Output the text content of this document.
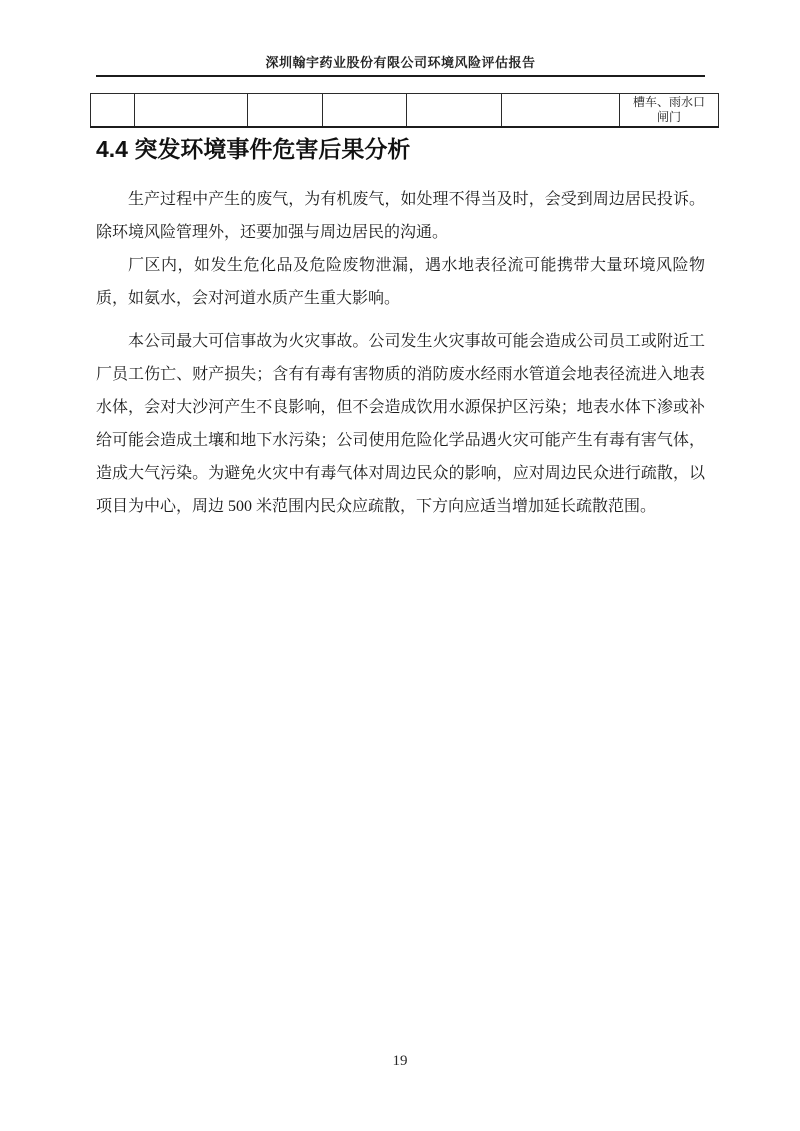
深圳翰宇药业股份有限公司环境风险评估报告

槽车、雨水口
闸门
4.4 突发环境事件危害后果分析

生产过程中产生的废气，为有机废气，如处理不得当及时，会受到周边居民投诉。除环境风险管理外，还要加强与周边居民的沟通。

厂区内，如发生危化品及危险废物泄漏，遇水地表径流可能携带大量环境风险物质，如氨水，会对河道水质产生重大影响。

本公司最大可信事故为火灾事故。公司发生火灾事故可能会造成公司员工或附近工厂员工伤亡、财产损失；含有有毒有害物质的消防废水经雨水管道会地表径流进入地表水体，会对大沙河产生不良影响，但不会造成饮用水源保护区污染；地表水体下渗或补给可能会造成土壤和地下水污染；公司使用危险化学品遇火灾可能产生有毒有害气体，造成大气污染。为避免火灾中有毒气体对周边民众的影响，应对周边民众进行疏散，以项目为中心，周边 500 米范围内民众应疏散，下方向应适当增加延长疏散范围。

19
